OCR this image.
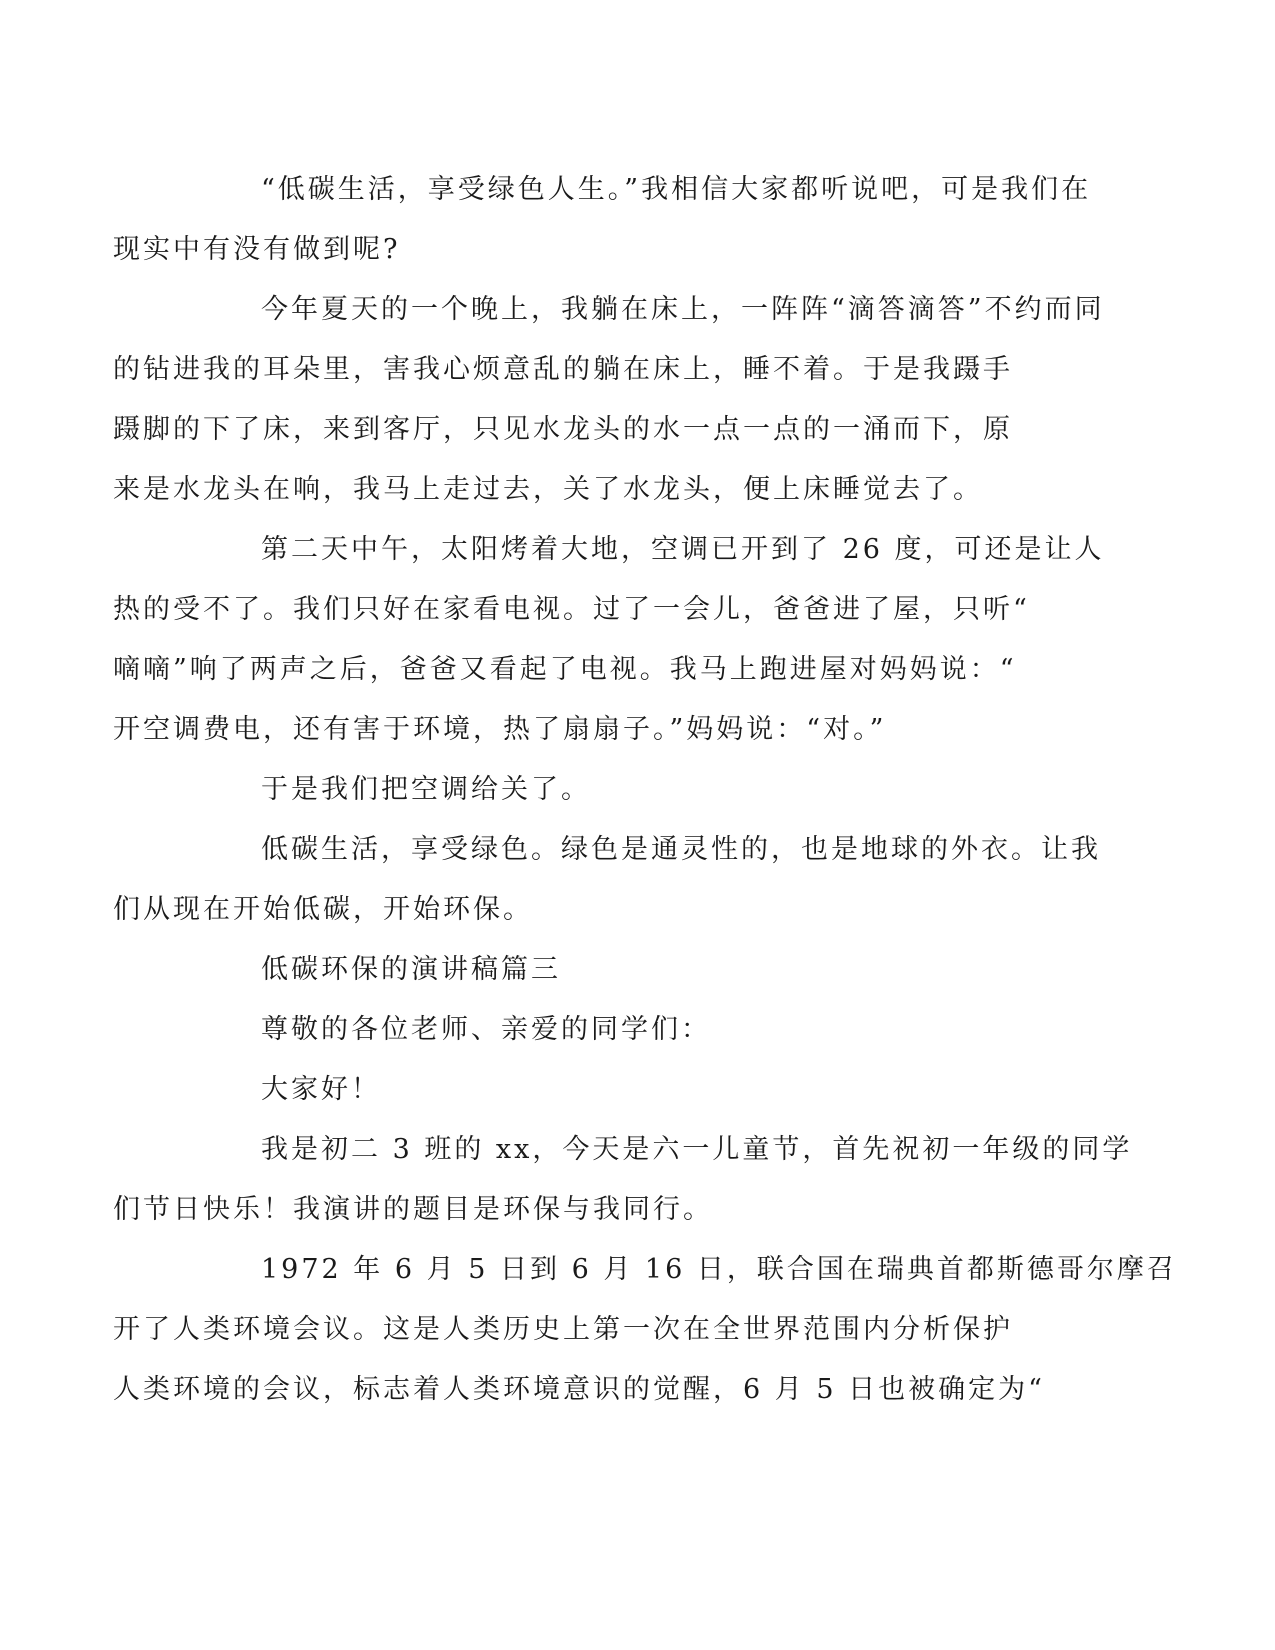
“低碳生活，享受绿色人生。”我相信大家都听说吧，可是我们在
现实中有没有做到呢?

今年夏天的一个晚上，我躺在床上，一阵阵“滴答滴答”不约而同
的钻进我的耳朵里，害我心烦意乱的躺在床上，睡不着。于是我蹑手
蹑脚的下了床，来到客厅，只见水龙头的水一点一点的一涌而下，原
来是水龙头在响，我马上走过去，关了水龙头，便上床睡觉去了。

第二天中午，太阳烤着大地，空调已开到了 26 度，可还是让人
热的受不了。我们只好在家看电视。过了一会儿，爸爸进了屋，只听“
嘀嘀”响了两声之后，爸爸又看起了电视。我马上跑进屋对妈妈说：“
开空调费电，还有害于环境，热了扇扇子。”妈妈说：“对。”

于是我们把空调给关了。

低碳生活，享受绿色。绿色是通灵性的，也是地球的外衣。让我
们从现在开始低碳，开始环保。

低碳环保的演讲稿篇三

尊敬的各位老师、亲爱的同学们：

大家好！

我是初二 3 班的 xx，今天是六一儿童节，首先祝初一年级的同学
们节日快乐！我演讲的题目是环保与我同行。

1972 年 6 月 5 日到 6 月 16 日，联合国在瑞典首都斯德哥尔摩召
开了人类环境会议。这是人类历史上第一次在全世界范围内分析保护
人类环境的会议，标志着人类环境意识的觉醒，6 月 5 日也被确定为“
